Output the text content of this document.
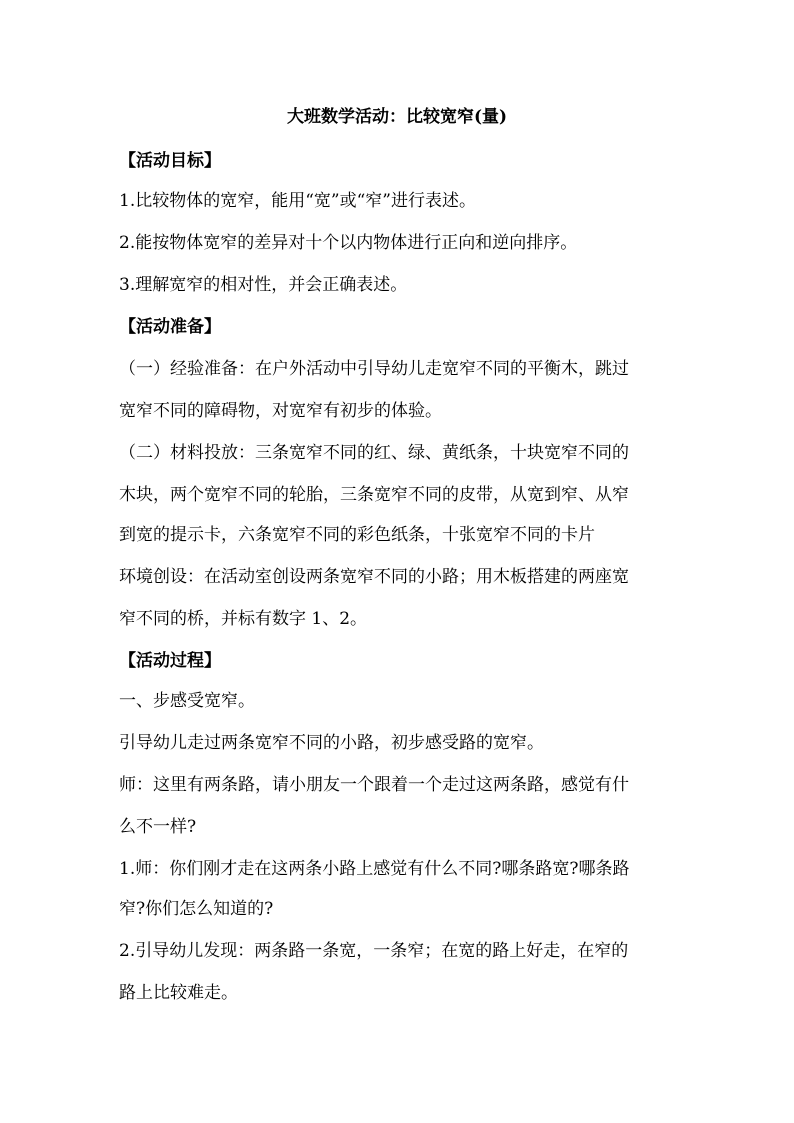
大班数学活动：比较宽窄(量)
【活动目标】
1.比较物体的宽窄，能用“宽”或“窄”进行表述。
2.能按物体宽窄的差异对十个以内物体进行正向和逆向排序。
3.理解宽窄的相对性，并会正确表述。
【活动准备】
（一）经验准备：在户外活动中引导幼儿走宽窄不同的平衡木，跳过
宽窄不同的障碍物，对宽窄有初步的体验。
（二）材料投放：三条宽窄不同的红、绿、黄纸条，十块宽窄不同的
木块，两个宽窄不同的轮胎，三条宽窄不同的皮带，从宽到窄、从窄
到宽的提示卡，六条宽窄不同的彩色纸条，十张宽窄不同的卡片
环境创设：在活动室创设两条宽窄不同的小路；用木板搭建的两座宽
窄不同的桥，并标有数字 1、2。
【活动过程】
一、步感受宽窄。
引导幼儿走过两条宽窄不同的小路，初步感受路的宽窄。
师：这里有两条路，请小朋友一个跟着一个走过这两条路，感觉有什
么不一样?
1.师：你们刚才走在这两条小路上感觉有什么不同?哪条路宽?哪条路
窄?你们怎么知道的?
2.引导幼儿发现：两条路一条宽，一条窄；在宽的路上好走，在窄的
路上比较难走。
